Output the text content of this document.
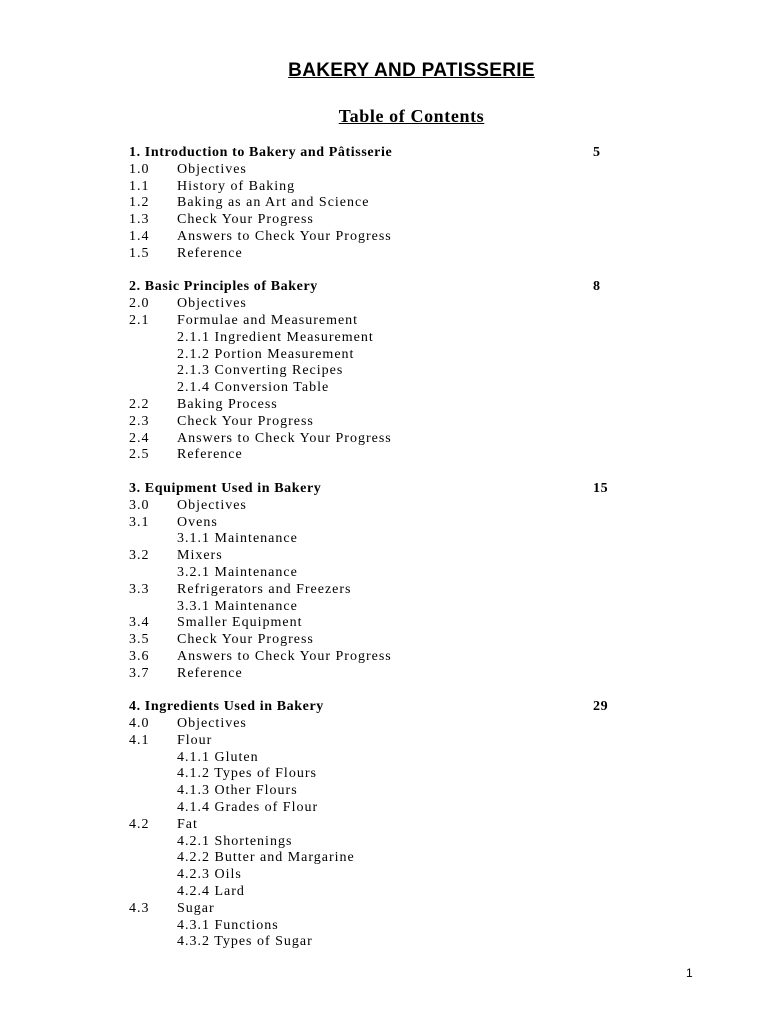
BAKERY AND PATISSERIE
Table of Contents
1. Introduction to Bakery and Pâtisserie	5
1.0 Objectives
1.1 History of Baking
1.2 Baking as an Art and Science
1.3 Check Your Progress
1.4 Answers to Check Your Progress
1.5 Reference
2. Basic Principles of Bakery	8
2.0 Objectives
2.1 Formulae and Measurement
2.1.1 Ingredient Measurement
2.1.2 Portion Measurement
2.1.3 Converting Recipes
2.1.4 Conversion Table
2.2 Baking Process
2.3 Check Your Progress
2.4 Answers to Check Your Progress
2.5 Reference
3. Equipment Used in Bakery	15
3.0 Objectives
3.1 Ovens
3.1.1 Maintenance
3.2 Mixers
3.2.1 Maintenance
3.3 Refrigerators and Freezers
3.3.1 Maintenance
3.4 Smaller Equipment
3.5 Check Your Progress
3.6 Answers to Check Your Progress
3.7 Reference
4. Ingredients Used in Bakery	29
4.0 Objectives
4.1 Flour
4.1.1 Gluten
4.1.2 Types of Flours
4.1.3 Other Flours
4.1.4 Grades of Flour
4.2 Fat
4.2.1 Shortenings
4.2.2 Butter and Margarine
4.2.3 Oils
4.2.4 Lard
4.3 Sugar
4.3.1 Functions
4.3.2 Types of Sugar
1
